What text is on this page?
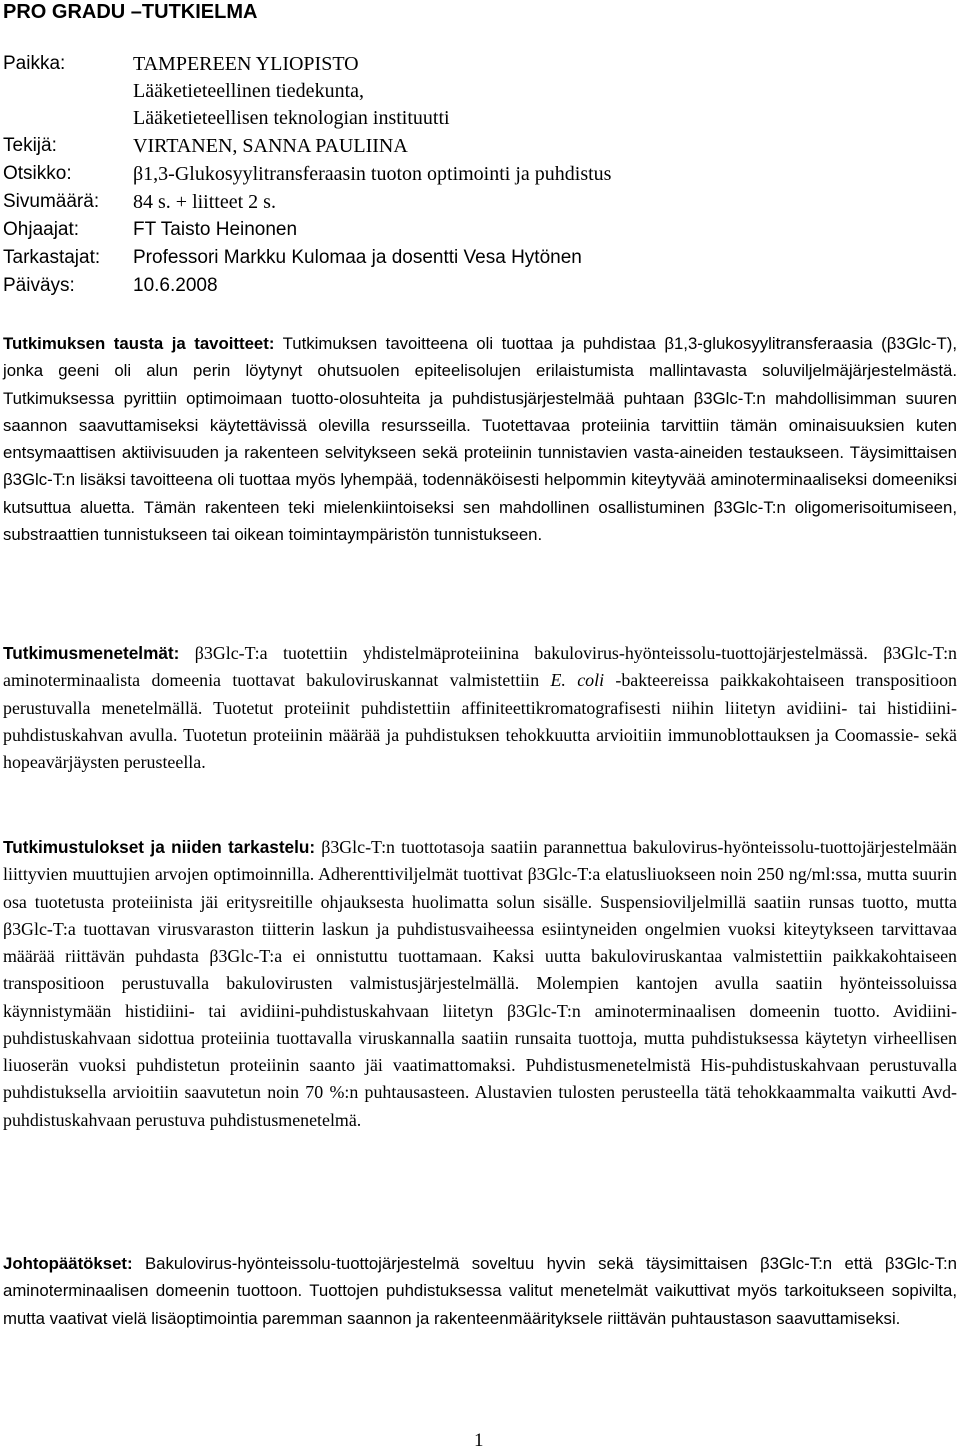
PRO GRADU –TUTKIELMA
Paikka:	TAMPEREEN YLIOPISTO
Lääketieteellinen tiedekunta,
Lääketieteellisen teknologian instituutti
Tekijä:	VIRTANEN, SANNA PAULIINA
Otsikko:	β1,3-Glukosyylitransferaasin tuoton optimointi ja puhdistus
Sivumäärä: 84 s. + liitteet 2 s.
Ohjaajat:	FT Taisto Heinonen
Tarkastajat: Professori Markku Kulomaa ja dosentti Vesa Hytönen
Päiväys:	10.6.2008

Tutkimuksen tausta ja tavoitteet: Tutkimuksen tavoitteena oli tuottaa ja puhdistaa β1,3-glukosyylitransferaasia (β3Glc-T), jonka geeni oli alun perin löytynyt ohutsuolen epiteelisolujen erilaistumista mallintavasta soluviljelmäjärjestelmästä. Tutkimuksessa pyrittiin optimoimaan tuotto-olosuhteita ja puhdistusjärjestelmää puhtaan β3Glc-T:n mahdollisimman suuren saannon saavuttamiseksi käytettävissä olevilla resursseilla. Tuotettavaa proteiinia tarvittiin tämän ominaisuuksien kuten entsymaattisen aktiivisuuden ja rakenteen selvitykseen sekä proteiinin tunnistavien vasta-aineiden testaukseen. Täysimittaisen β3Glc-T:n lisäksi tavoitteena oli tuottaa myös lyhempää, todennäköisesti helpommin kiteytyvää aminoterminaaliseksi domeeniksi kutsuttua aluetta. Tämän rakenteen teki mielenkiintoiseksi sen mahdollinen osallistuminen β3Glc-T:n oligomerisoitumiseen, substraattien tunnistukseen tai oikean toimintaympäristön tunnistukseen.

Tutkimusmenetelmät: β3Glc-T:a tuotettiin yhdistelmäproteiinina bakulovirus-hyönteissolu-tuottojärjestelmässä. β3Glc-T:n aminoterminaalista domeenia tuottavat bakuloviruskannat valmistettiin E. coli -bakteereissa paikkakohtaiseen transpositioon perustuvalla menetelmällä. Tuotetut proteiinit puhdistettiin affiniteettikromatografisesti niihin liitetyn avidiini- tai histidiini-puhdistuskahvan avulla. Tuotetun proteiinin määrää ja puhdistuksen tehokkuutta arvioitiin immunoblottauksen ja Coomassie- sekä hopeavärjäysten perusteella.

Tutkimustulokset ja niiden tarkastelu: β3Glc-T:n tuottotasoja saatiin parannettua bakulovirus-hyönteissolu-tuottojärjestelmään liittyvien muuttujien arvojen optimoinnilla. Adherenttiviljelmät tuottivat β3Glc-T:a elatusliuokseen noin 250 ng/ml:ssa, mutta suurin osa tuotetusta proteiinista jäi eritysreitille ohjauksesta huolimatta solun sisälle. Suspensioviljelmillä saatiin runsas tuotto, mutta β3Glc-T:a tuottavan virusvaraston tiitterin laskun ja puhdistusvaiheessa esiintyneiden ongelmien vuoksi kiteytykseen tarvittavaa määrää riittävän puhdasta β3Glc-T:a ei onnistuttu tuottamaan. Kaksi uutta bakuloviruskantaa valmistettiin paikkakohtaiseen transpositioon perustuvalla bakulovirusten valmistusjärjestelmällä. Molempien kantojen avulla saatiin hyönteissoluissa käynnistymään histidiini- tai avidiini-puhdistuskahvaan liitetyn β3Glc-T:n aminoterminaalisen domeenin tuotto. Avidiini-puhdistuskahvaan sidottua proteiinia tuottavalla viruskannalla saatiin runsaita tuottoja, mutta puhdistuksessa käytetyn virheellisen liuoserän vuoksi puhdistetun proteiinin saanto jäi vaatimattomaksi. Puhdistusmenetelmistä His-puhdistuskahvaan perustuvalla puhdistuksella arvioitiin saavutetun noin 70 %:n puhtausasteen. Alustavien tulosten perusteella tätä tehokkaammalta vaikutti Avd-puhdistuskahvaan perustuva puhdistusmenetelmä.

Johtopäätökset: Bakulovirus-hyönteissolu-tuottojärjestelmä soveltuu hyvin sekä täysimittaisen β3Glc-T:n että β3Glc-T:n aminoterminaalisen domeenin tuottoon. Tuottojen puhdistuksessa valitut menetelmät vaikuttivat myös tarkoitukseen sopivilta, mutta vaativat vielä lisäoptimointia paremman saannon ja rakenteenmäärityksele riittävän puhtaustason saavuttamiseksi.

1
